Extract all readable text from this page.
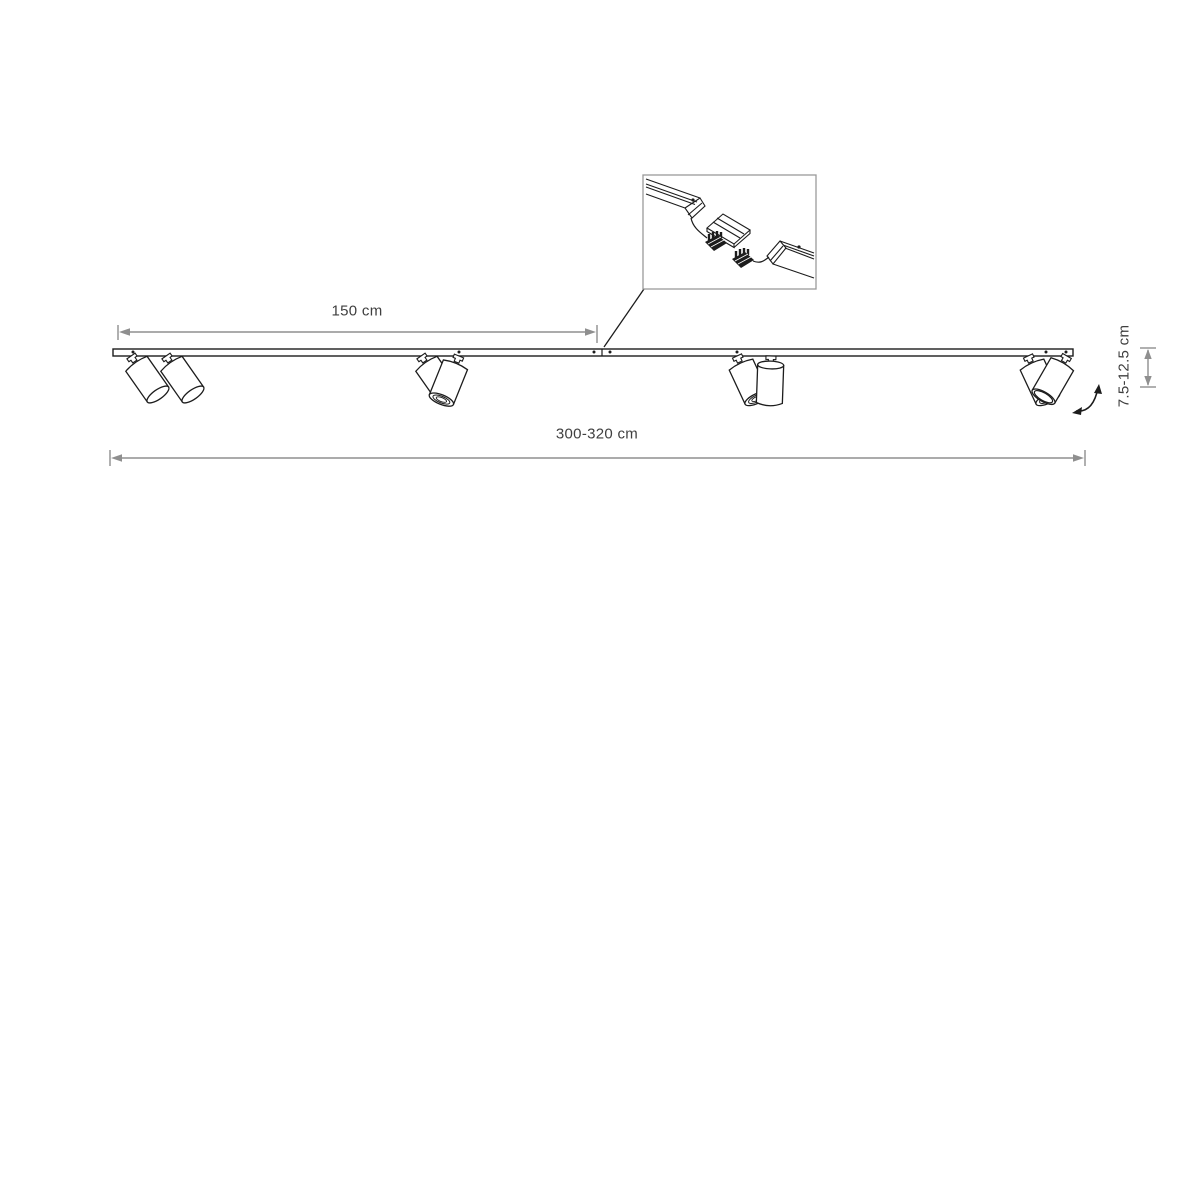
150 cm
300-320 cm
7.5-12.5 cm
